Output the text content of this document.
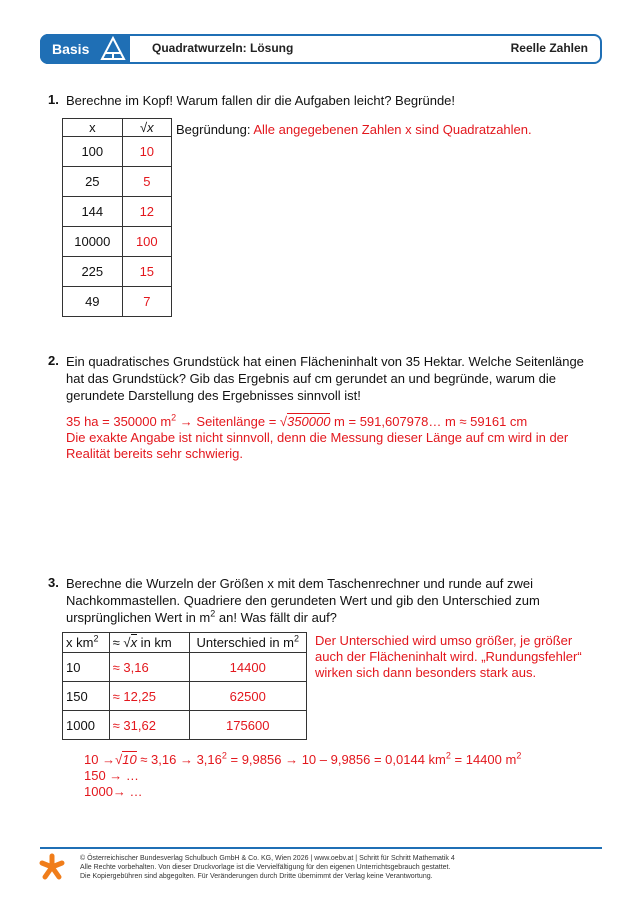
Basis	Quadratwurzeln: Lösung	Reelle Zahlen
1. Berechne im Kopf! Warum fallen dir die Aufgaben leicht? Begründe!
x	√x
100	10
25	5
144	12
10000	100
225	15
49	7
Begründung: Alle angegebenen Zahlen x sind Quadratzahlen.
2. Ein quadratisches Grundstück hat einen Flächeninhalt von 35 Hektar. Welche Seitenlänge
hat das Grundstück? Gib das Ergebnis auf cm gerundet an und begründe, warum die
gerundete Darstellung des Ergebnisses sinnvoll ist!
35 ha = 350000 $m^2$ → Seitenlänge = √350000 m = 591,607978… m ≈ 59161 cm
Die exakte Angabe ist nicht sinnvoll, denn die Messung dieser Länge auf cm wird in der
Realität bereits sehr schwierig.
3. Berechne die Wurzeln der Größen x mit dem Taschenrechner und runde auf zwei
Nachkommastellen. Quadriere den gerundeten Wert und gib den Unterschied zum
ursprünglichen Wert in $m^2$ an! Was fällt dir auf?
x $km^2$	≈ √x in km	Unterschied in $m^2$
10	≈ 3,16	14400
150	≈ 12,25	62500
1000	≈ 31,62	175600
Der Unterschied wird umso größer, je größer
auch der Flächeninhalt wird. „Rundungsfehler“
wirken sich dann besonders stark aus.
$10 \to√10 \approx 3,16 \to 3,16^2 = 9,9856 \to 10 - 9,9856 = 0,0144$ $km^2 = 14400$ $m^2$
150 → …
1000→ …
© Österreichischer Bundesverlag Schulbuch GmbH & Co. KG, Wien 2026 | www.oebv.at | Schritt für Schritt Mathematik 4
Alle Rechte vorbehalten. Von dieser Druckvorlage ist die Vervielfältigung für den eigenen Unterrichtsgebrauch gestattet.
Die Kopiergebühren sind abgegolten. Für Veränderungen durch Dritte übernimmt der Verlag keine Verantwortung.
